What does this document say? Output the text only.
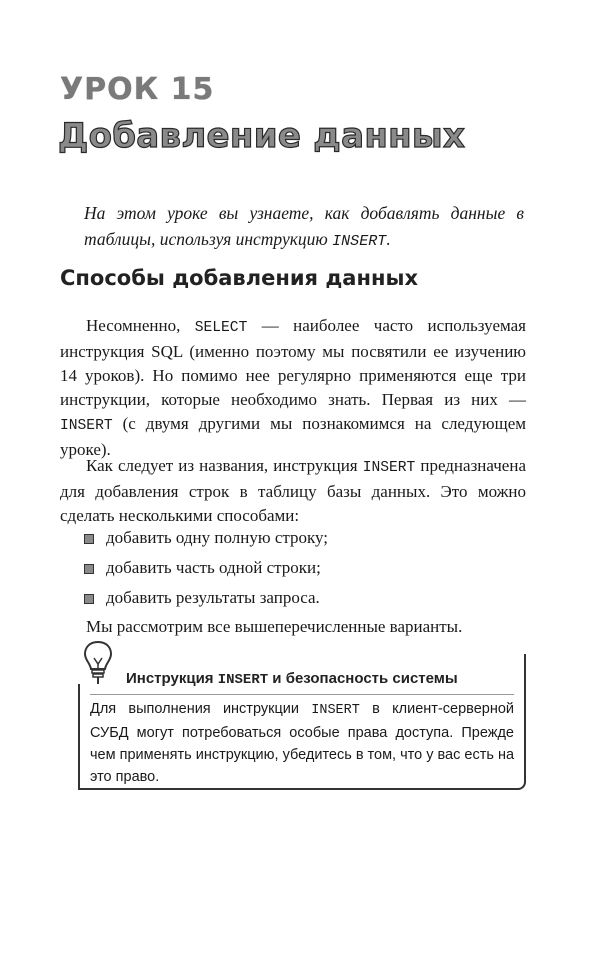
УРОК 15
Добавление данных
На этом уроке вы узнаете, как добавлять данные в таблицы, используя инструкцию INSERT.
Способы добавления данных
Несомненно, SELECT — наиболее часто используемая инструкция SQL (именно поэтому мы посвятили ее изучению 14 уроков). Но помимо нее регулярно применяются еще три инструкции, которые необходимо знать. Первая из них — INSERT (с двумя другими мы познакомимся на следующем уроке).
Как следует из названия, инструкция INSERT предназначена для добавления строк в таблицу базы данных. Это можно сделать несколькими способами:
добавить одну полную строку;
добавить часть одной строки;
добавить результаты запроса.
Мы рассмотрим все вышеперечисленные варианты.
Инструкция INSERT и безопасность системы
Для выполнения инструкции INSERT в клиент-серверной СУБД могут потребоваться особые права доступа. Прежде чем применять инструкцию, убедитесь в том, что у вас есть на это право.
